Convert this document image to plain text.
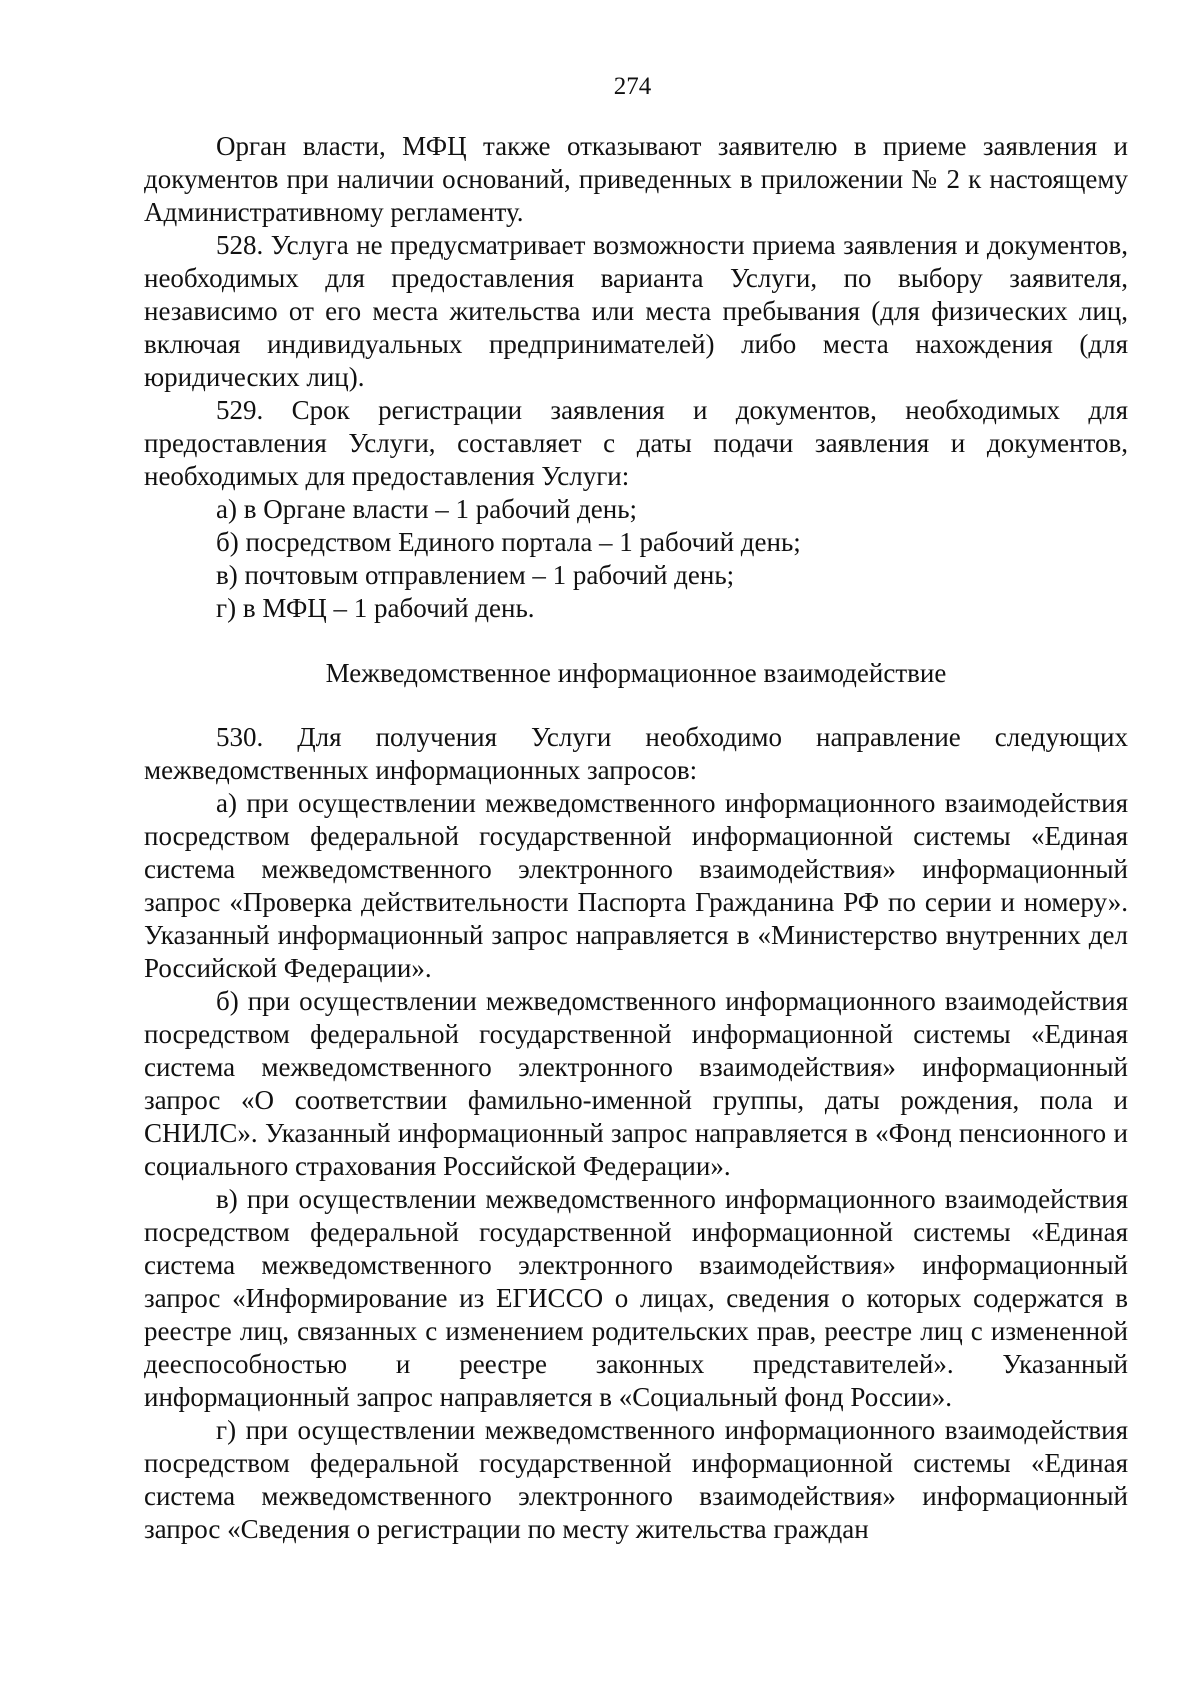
274

Орган власти, МФЦ также отказывают заявителю в приеме заявления и документов при наличии оснований, приведенных в приложении № 2 к настоящему Административному регламенту.

528. Услуга не предусматривает возможности приема заявления и документов, необходимых для предоставления варианта Услуги, по выбору заявителя, независимо от его места жительства или места пребывания (для физических лиц, включая индивидуальных предпринимателей) либо места нахождения (для юридических лиц).

529. Срок регистрации заявления и документов, необходимых для предоставления Услуги, составляет с даты подачи заявления и документов, необходимых для предоставления Услуги:

а) в Органе власти – 1 рабочий день;

б) посредством Единого портала – 1 рабочий день;

в) почтовым отправлением – 1 рабочий день;

г) в МФЦ – 1 рабочий день.

Межведомственное информационное взаимодействие

530. Для получения Услуги необходимо направление следующих межведомственных информационных запросов:

а) при осуществлении межведомственного информационного взаимодействия посредством федеральной государственной информационной системы «Единая система межведомственного электронного взаимодействия» информационный запрос «Проверка действительности Паспорта Гражданина РФ по серии и номеру». Указанный информационный запрос направляется в «Министерство внутренних дел Российской Федерации».

б) при осуществлении межведомственного информационного взаимодействия посредством федеральной государственной информационной системы «Единая система межведомственного электронного взаимодействия» информационный запрос «О соответствии фамильно-именной группы, даты рождения, пола и СНИЛС». Указанный информационный запрос направляется в «Фонд пенсионного и социального страхования Российской Федерации».

в) при осуществлении межведомственного информационного взаимодействия посредством федеральной государственной информационной системы «Единая система межведомственного электронного взаимодействия» информационный запрос «Информирование из ЕГИССО о лицах, сведения о которых содержатся в реестре лиц, связанных с изменением родительских прав, реестре лиц с измененной дееспособностью и реестре законных представителей». Указанный информационный запрос направляется в «Социальный фонд России».

г) при осуществлении межведомственного информационного взаимодействия посредством федеральной государственной информационной системы «Единая система межведомственного электронного взаимодействия» информационный запрос «Сведения о регистрации по месту жительства граждан
